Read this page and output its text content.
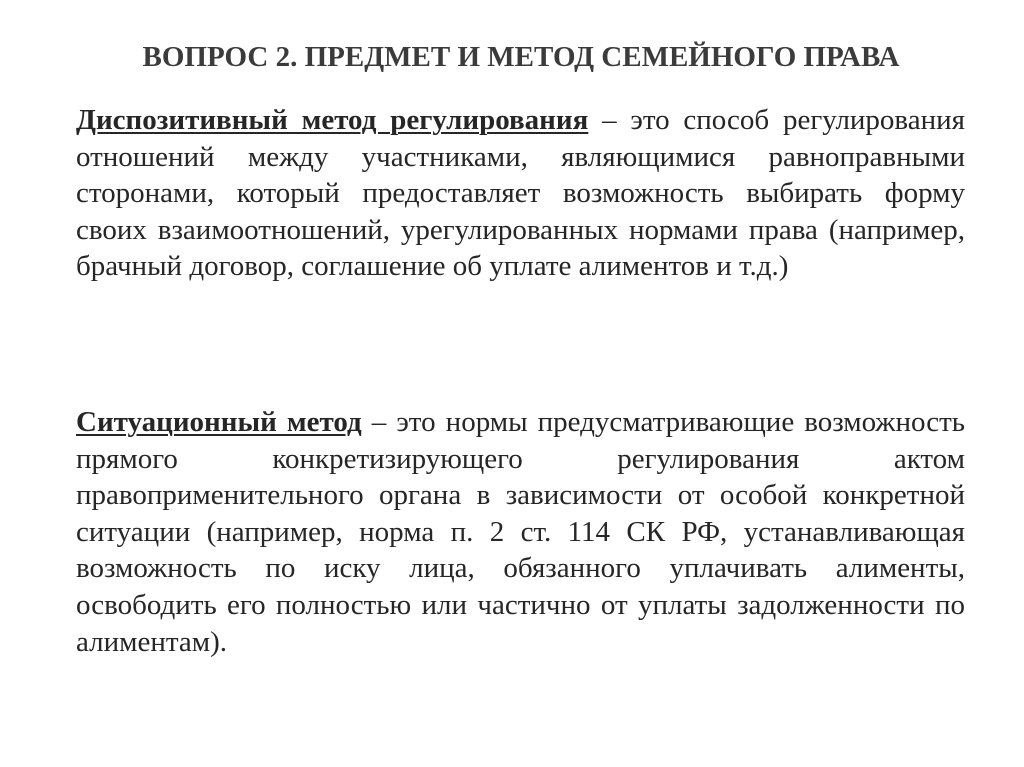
ВОПРОС 2. ПРЕДМЕТ И МЕТОД СЕМЕЙНОГО ПРАВА

Диспозитивный метод регулирования – это способ регулирования отношений между участниками, являющимися равноправными сторонами, который предоставляет возможность выбирать форму своих взаимоотношений, урегулированных нормами права (например, брачный договор, соглашение об уплате алиментов и т.д.)

Ситуационный метод – это нормы предусматривающие возможность прямого конкретизирующего регулирования актом правоприменительного органа в зависимости от особой конкретной ситуации (например, норма п. 2 ст. 114 СК РФ, устанавливающая возможность по иску лица, обязанного уплачивать алименты, освободить его полностью или частично от уплаты задолженности по алиментам).
